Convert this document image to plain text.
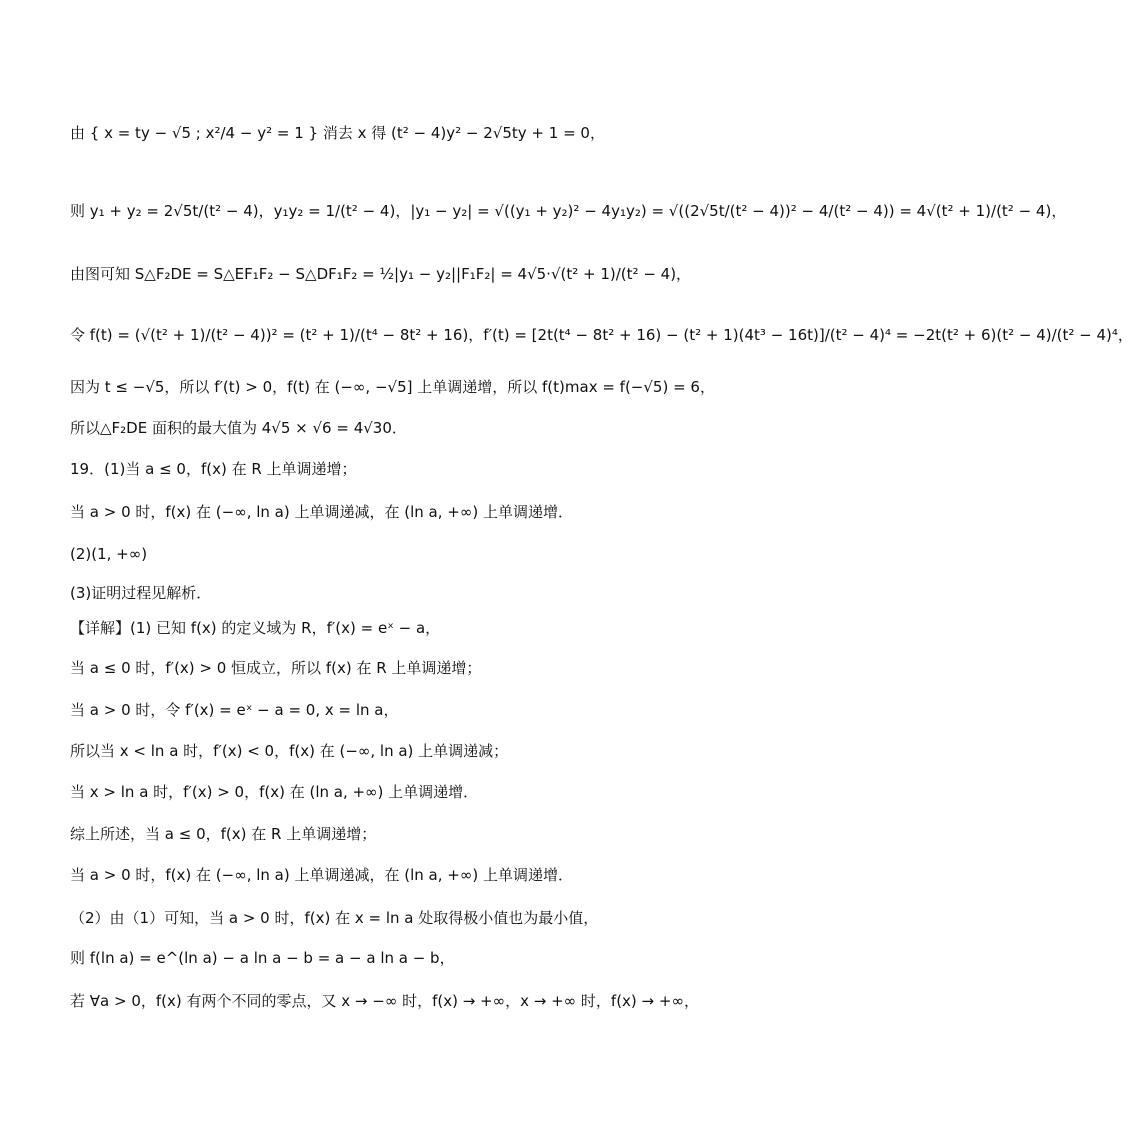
由 { x = ty − √5 ; x²/4 − y² = 1 } 消去 x 得 (t² − 4)y² − 2√5ty + 1 = 0，
则 y₁ + y₂ = 2√5t/(t² − 4)，y₁y₂ = 1/(t² − 4)，|y₁ − y₂| = √((y₁ + y₂)² − 4y₁y₂) = √((2√5t/(t² − 4))² − 4/(t² − 4)) = 4√(t² + 1)/(t² − 4)，
由图可知 S△F₂DE = S△EF₁F₂ − S△DF₁F₂ = ½|y₁ − y₂||F₁F₂| = 4√5·√(t² + 1)/(t² − 4)，
令 f(t) = (√(t² + 1)/(t² − 4))² = (t² + 1)/(t⁴ − 8t² + 16)，f′(t) = [2t(t⁴ − 8t² + 16) − (t² + 1)(4t³ − 16t)]/(t² − 4)⁴ = −2t(t² + 6)(t² − 4)/(t² − 4)⁴，
因为 t ≤ −√5，所以 f′(t) > 0，f(t) 在 (−∞, −√5] 上单调递增，所以 f(t)max = f(−√5) = 6，
所以△F₂DE 面积的最大值为 4√5 × √6 = 4√30．
19．(1)当 a ≤ 0，f(x) 在 R 上单调递增；
当 a > 0 时，f(x) 在 (−∞, ln a) 上单调递减，在 (ln a, +∞) 上单调递增．
(2)(1, +∞)
(3)证明过程见解析．
【详解】(1) 已知 f(x) 的定义域为 R，f′(x) = eˣ − a，
当 a ≤ 0 时，f′(x) > 0 恒成立，所以 f(x) 在 R 上单调递增；
当 a > 0 时，令 f′(x) = eˣ − a = 0, x = ln a，
所以当 x < ln a 时，f′(x) < 0，f(x) 在 (−∞, ln a) 上单调递减；
当 x > ln a 时，f′(x) > 0，f(x) 在 (ln a, +∞) 上单调递增．
综上所述，当 a ≤ 0，f(x) 在 R 上单调递增；
当 a > 0 时，f(x) 在 (−∞, ln a) 上单调递减，在 (ln a, +∞) 上单调递增．
（2）由（1）可知，当 a > 0 时，f(x) 在 x = ln a 处取得极小值也为最小值，
则 f(ln a) = e^(ln a) − a ln a − b = a − a ln a − b，
若 ∀a > 0，f(x) 有两个不同的零点，又 x → −∞ 时，f(x) → +∞，x → +∞ 时，f(x) → +∞，
